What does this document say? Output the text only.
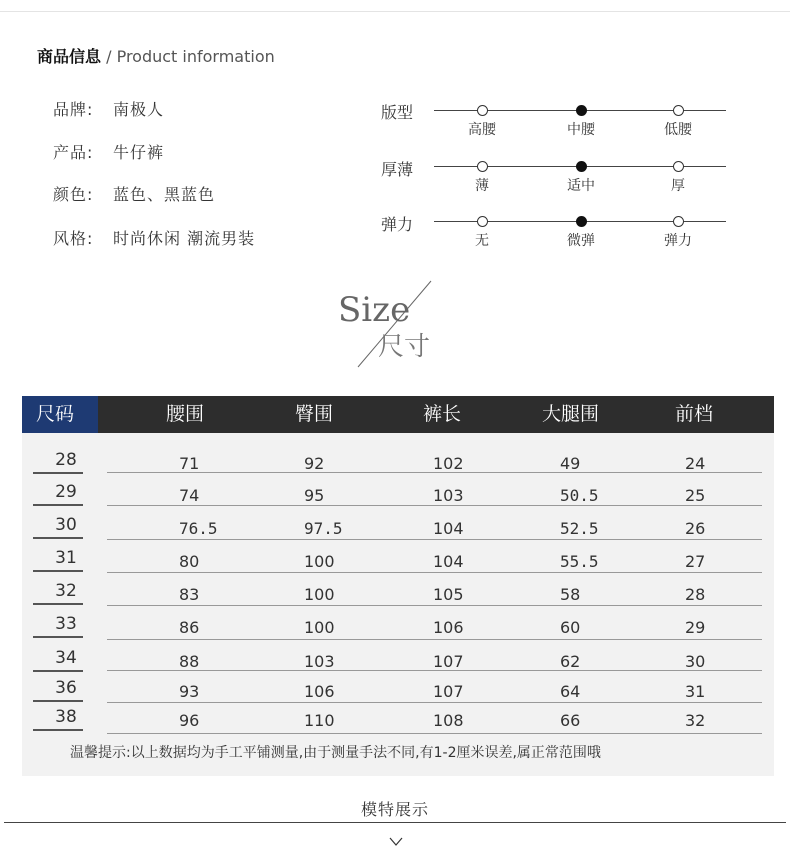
商品信息 / Product information
品牌: 南极人
产品: 牛仔裤
颜色: 蓝色、黑蓝色
风格: 时尚休闲 潮流男装
版型
高腰	中腰	低腰
厚薄
薄	适中	厚
弹力
无	微弹	弹力
Size
尺寸
尺码	腰围	臀围	裤长	大腿围	前档
28	71	92	102	49	24
29	74	95	103	50.5	25
30	76.5	97.5	104	52.5	26
31	80	100	104	55.5	27
32	83	100	105	58	28
33	86	100	106	60	29
34	88	103	107	62	30
36	93	106	107	64	31
38	96	110	108	66	32
温馨提示:以上数据均为手工平铺测量,由于测量手法不同,有1-2厘米误差,属正常范围哦
模特展示
